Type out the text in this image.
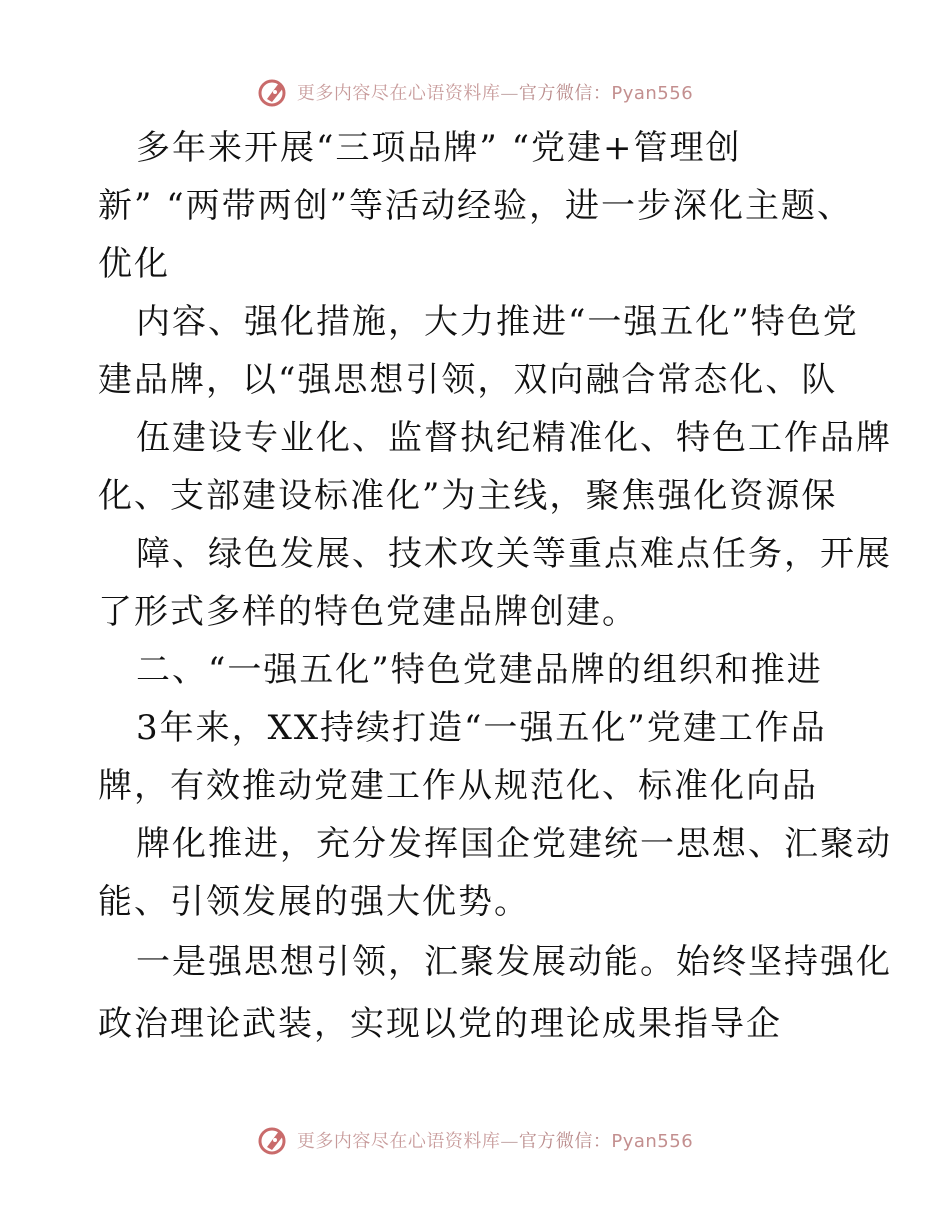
更多内容尽在心语资料库—官方微信：Pyan556
多年来开展“三项品牌” “党建+管理创
新” “两带两创”等活动经验，进一步深化主题、
优化
内容、强化措施，大力推进“一强五化”特色党
建品牌，以“强思想引领，双向融合常态化、队
伍建设专业化、监督执纪精准化、特色工作品牌
化、支部建设标准化”为主线，聚焦强化资源保
障、绿色发展、技术攻关等重点难点任务，开展
了形式多样的特色党建品牌创建。
二、“一强五化”特色党建品牌的组织和推进
3年来，XX持续打造“一强五化”党建工作品
牌，有效推动党建工作从规范化、标准化向品
牌化推进，充分发挥国企党建统一思想、汇聚动
能、引领发展的强大优势。
一是强思想引领，汇聚发展动能。始终坚持强化
政治理论武装，实现以党的理论成果指导企
更多内容尽在心语资料库—官方微信：Pyan556
